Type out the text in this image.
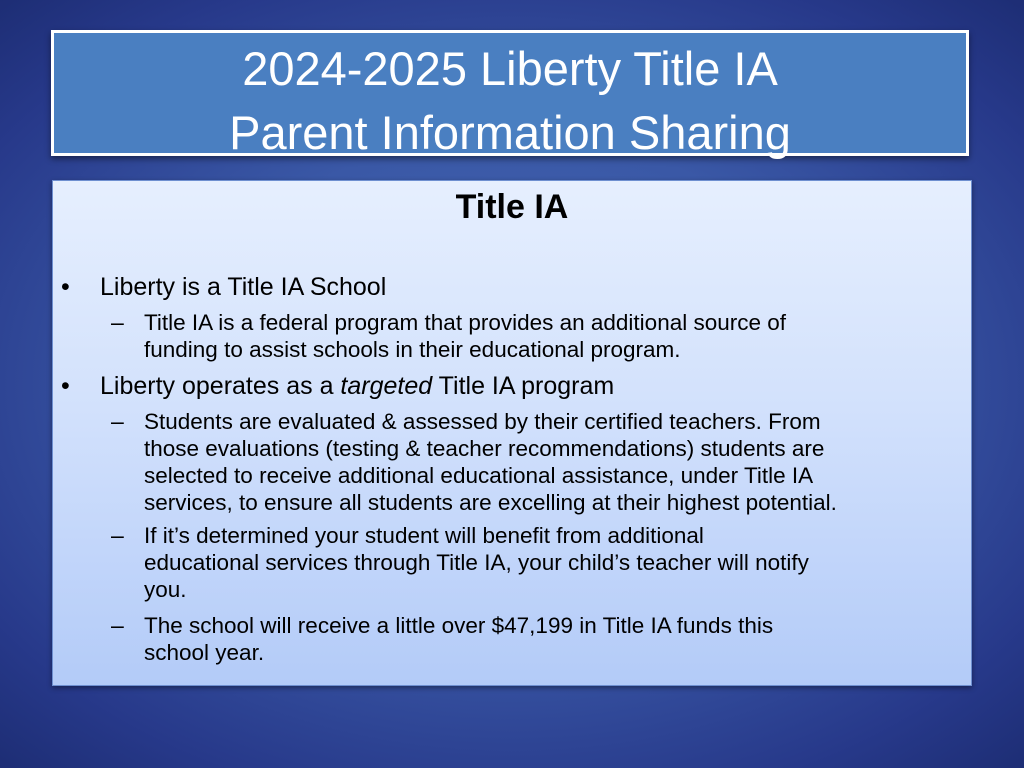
2024-2025 Liberty Title IA
Parent Information Sharing
Title IA
• Liberty is a Title IA School
– Title IA is a federal program that provides an additional source of
funding to assist schools in their educational program.
• Liberty operates as a targeted Title IA program
– Students are evaluated & assessed by their certified teachers. From
those evaluations (testing & teacher recommendations) students are
selected to receive additional educational assistance, under Title IA
services, to ensure all students are excelling at their highest potential.
– If it’s determined your student will benefit from additional
educational services through Title IA, your child’s teacher will notify
you.
– The school will receive a little over $47,199 in Title IA funds this
school year.
